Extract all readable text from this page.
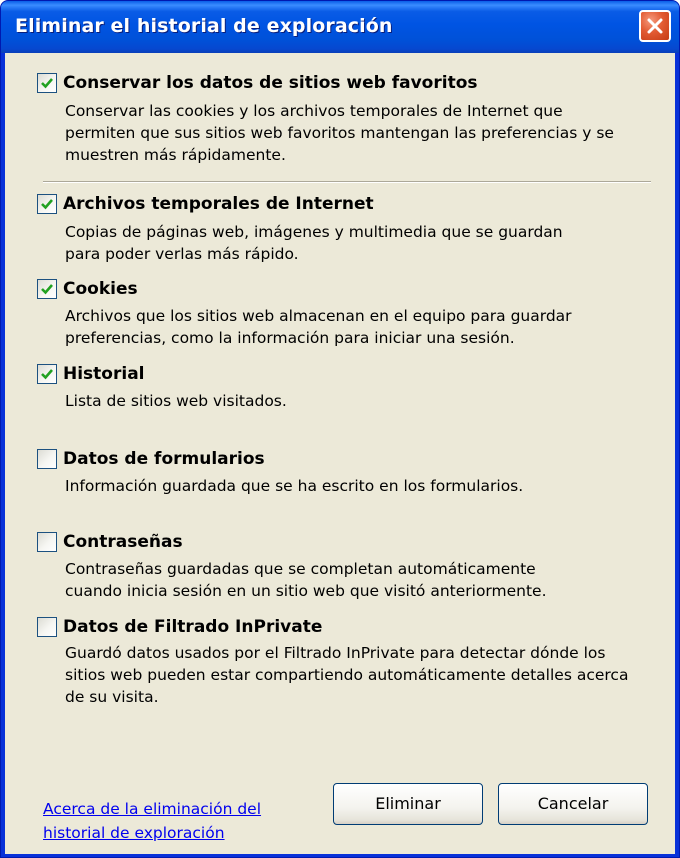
Eliminar el historial de exploración
Conservar los datos de sitios web favoritos
Conservar las cookies y los archivos temporales de Internet que
permiten que sus sitios web favoritos mantengan las preferencias y se
muestren más rápidamente.
Archivos temporales de Internet
Copias de páginas web, imágenes y multimedia que se guardan
para poder verlas más rápido.
Cookies
Archivos que los sitios web almacenan en el equipo para guardar
preferencias, como la información para iniciar una sesión.
Historial
Lista de sitios web visitados.
Datos de formularios
Información guardada que se ha escrito en los formularios.
Contraseñas
Contraseñas guardadas que se completan automáticamente
cuando inicia sesión en un sitio web que visitó anteriormente.
Datos de Filtrado InPrivate
Guardó datos usados por el Filtrado InPrivate para detectar dónde los
sitios web pueden estar compartiendo automáticamente detalles acerca
de su visita.
Acerca de la eliminación del
historial de exploración
Eliminar	Cancelar
